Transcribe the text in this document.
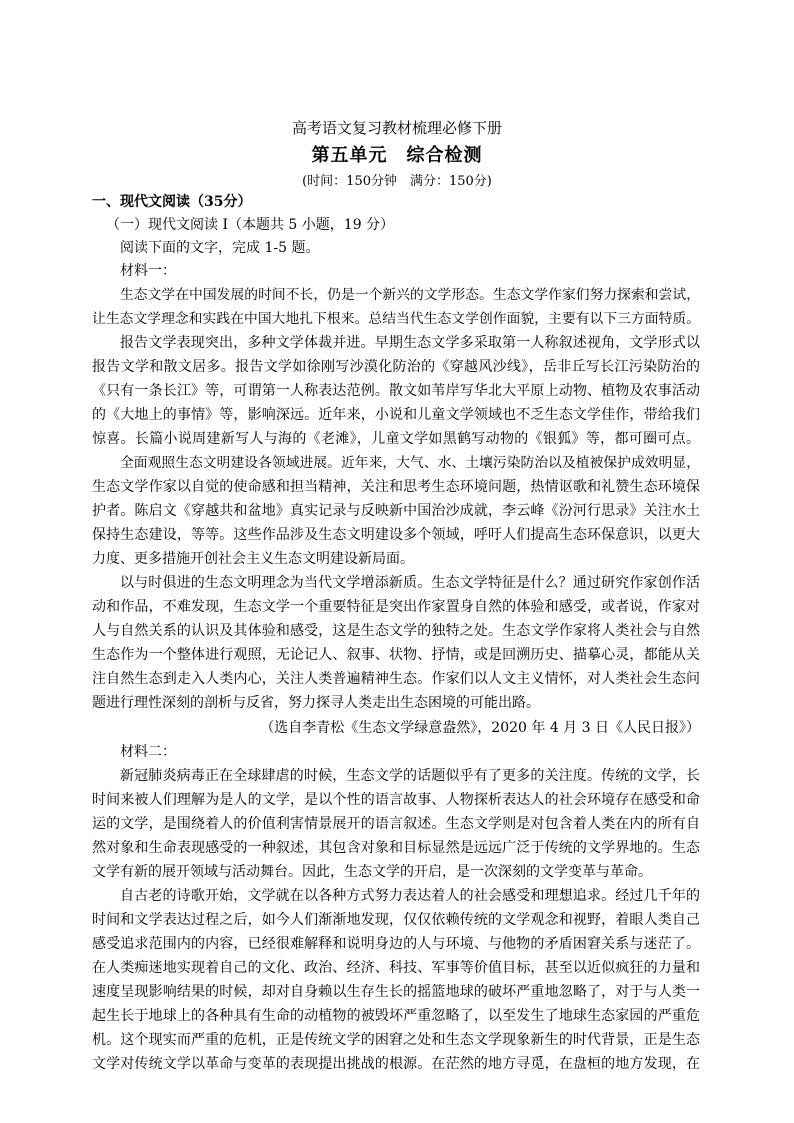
高考语文复习教材梳理必修下册
第五单元　综合检测
(时间：150分钟　满分：150分)
一、现代文阅读（35分）
（一）现代文阅读 I（本题共 5 小题，19 分）
阅读下面的文字，完成 1-5 题。
材料一：
生态文学在中国发展的时间不长，仍是一个新兴的文学形态。生态文学作家们努力探索和尝试，
让生态文学理念和实践在中国大地扎下根来。总结当代生态文学创作面貌，主要有以下三方面特质。
报告文学表现突出，多种文学体裁并进。早期生态文学多采取第一人称叙述视角，文学形式以
报告文学和散文居多。报告文学如徐刚写沙漠化防治的《穿越风沙线》，岳非丘写长江污染防治的
《只有一条长江》等，可谓第一人称表达范例。散文如苇岸写华北大平原上动物、植物及农事活动
的《大地上的事情》等，影响深远。近年来，小说和儿童文学领域也不乏生态文学佳作，带给我们
惊喜。长篇小说周建新写人与海的《老滩》，儿童文学如黑鹤写动物的《银狐》等，都可圈可点。
全面观照生态文明建设各领域进展。近年来，大气、水、土壤污染防治以及植被保护成效明显，
生态文学作家以自觉的使命感和担当精神，关注和思考生态环境问题，热情讴歌和礼赞生态环境保
护者。陈启文《穿越共和盆地》真实记录与反映新中国治沙成就，李云峰《汾河行思录》关注水土
保持生态建设，等等。这些作品涉及生态文明建设多个领域，呼吁人们提高生态环保意识，以更大
力度、更多措施开创社会主义生态文明建设新局面。
以与时俱进的生态文明理念为当代文学增添新质。生态文学特征是什么？通过研究作家创作活
动和作品，不难发现，生态文学一个重要特征是突出作家置身自然的体验和感受，或者说，作家对
人与自然关系的认识及其体验和感受，这是生态文学的独特之处。生态文学作家将人类社会与自然
生态作为一个整体进行观照，无论记人、叙事、状物、抒情，或是回溯历史、描摹心灵，都能从关
注自然生态到走入人类内心，关注人类普遍精神生态。作家们以人文主义情怀，对人类社会生态问
题进行理性深刻的剖析与反省，努力探寻人类走出生态困境的可能出路。
（选自李青松《生态文学绿意盎然》，2020 年 4 月 3 日《人民日报》）
材料二：
新冠肺炎病毒正在全球肆虐的时候，生态文学的话题似乎有了更多的关注度。传统的文学，长
时间来被人们理解为是人的文学，是以个性的语言故事、人物探析表达人的社会环境存在感受和命
运的文学，是围绕着人的价值利害情景展开的语言叙述。生态文学则是对包含着人类在内的所有自
然对象和生命表现感受的一种叙述，其包含对象和目标显然是远远广泛于传统的文学界地的。生态
文学有新的展开领域与活动舞台。因此，生态文学的开启，是一次深刻的文学变革与革命。
自古老的诗歌开始，文学就在以各种方式努力表达着人的社会感受和理想追求。经过几千年的
时间和文学表达过程之后，如今人们渐渐地发现，仅仅依赖传统的文学观念和视野，着眼人类自己
感受追求范围内的内容，已经很难解释和说明身边的人与环境、与他物的矛盾困窘关系与迷茫了。
在人类痴迷地实现着自己的文化、政治、经济、科技、军事等价值目标，甚至以近似疯狂的力量和
速度呈现影响结果的时候，却对自身赖以生存生长的摇篮地球的破坏严重地忽略了，对于与人类一
起生长于地球上的各种具有生命的动植物的被毁坏严重忽略了，以至发生了地球生态家园的严重危
机。这个现实而严重的危机，正是传统文学的困窘之处和生态文学现象新生的时代背景，正是生态
文学对传统文学以革命与变革的表现提出挑战的根源。在茫然的地方寻觅，在盘桓的地方发现，在
